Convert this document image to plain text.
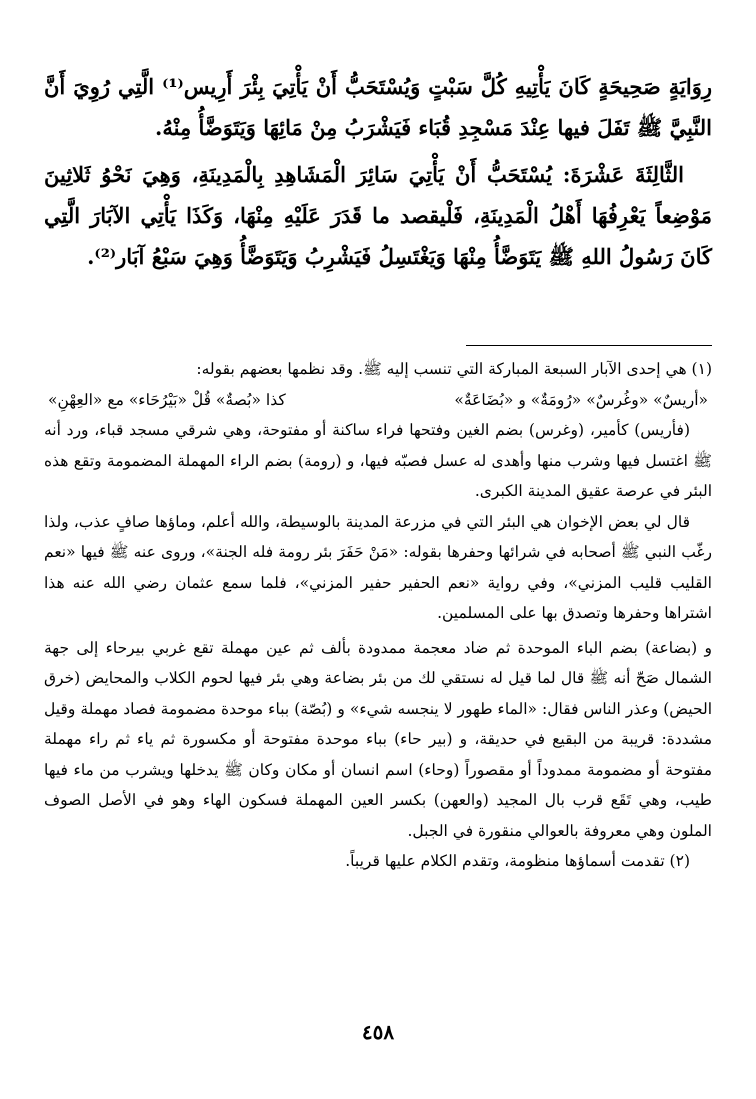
رِوَايَةٍ صَحِيحَةٍ كَانَ يَأْتِيهِ كُلَّ سَبْتٍ وَيُسْتَحَبُّ أَنْ يَأْتِيَ بِئْرَ أَرِيس⁽¹⁾ الَّتِي رُوِيَ أَنَّ النَّبِيَّ ﷺ تَفَلَ فيها عِنْدَ مَسْجِدِ قُبَاء فَيَشْرَبُ مِنْ مَائِهَا وَيَتَوَضَّأُ مِنْهُ.

الثَّالِثَةَ عَشْرَةَ: يُسْتَحَبُّ أَنْ يَأْتِيَ سَائِرَ الْمَشَاهِدِ بِالْمَدِينَةِ، وَهِيَ نَحْوُ ثَلاثِينَ مَوْضِعاً يَعْرِفُهَا أَهْلُ الْمَدِينَةِ، فَلْيقصد ما قَدَرَ عَلَيْهِ مِنْهَا، وَكَذَا يَأْتِي الآبَارَ الَّتِي كَانَ رَسُولُ اللهِ ﷺ يَتَوَضَّأُ مِنْهَا وَيَغْتَسِلُ فَيَشْرِبُ وَيَتَوَضَّأُ وَهِيَ سَبْعُ آبَار⁽²⁾.

(١) هي إحدى الآبار السبعة المباركة التي تنسب إليه ﷺ. وقد نظمها بعضهم بقوله:

«أريسٌ» «وغُرسٌ» «رُومَةٌ» و «بُضَاعَةٌ»
كذا «بُصةٌ» قُلْ «بَيْرُحَاء» مع «العِهْنِ»

(فأريس) كأمير، (وغرس) بضم الغين وفتحها فراء ساكنة أو مفتوحة، وهي شرقي مسجد قباء، ورد أنه ﷺ اغتسل فيها وشرب منها وأهدى له عسل فصبّه فيها، و (رومة) بضم الراء المهملة المضمومة وتقع هذه البئر في عرصة عقيق المدينة الكبرى.

قال لي بعض الإخوان هي البئر التي في مزرعة المدينة بالوسيطة، والله أعلم، وماؤها صافٍ عذب، ولذا رغّب النبي ﷺ أصحابه في شرائها وحفرها بقوله: «مَنْ حَفَرَ بئر رومة فله الجنة»، وروى عنه ﷺ فيها «نعم القليب قليب المزني»، وفي رواية «نعم الحفير حفير المزني»، فلما سمع عثمان رضي الله عنه هذا اشتراها وحفرها وتصدق بها على المسلمين.

و (بضاعة) بضم الباء الموحدة ثم ضاد معجمة ممدودة بألف ثم عين مهملة تقع غربي بيرحاء إلى جهة الشمال صَحّ أنه ﷺ قال لما قيل له نستقي لك من بئر بضاعة وهي بئر فيها لحوم الكلاب والمحايض (خرق الحيض) وعذر الناس فقال: «الماء طهور لا ينجسه شيء» و (بُصّة) بباء موحدة مضمومة فصاد مهملة وقيل مشددة: قريبة من البقيع في حديقة، و (بير حاء) بباء موحدة مفتوحة أو مكسورة ثم ياء ثم راء مهملة مفتوحة أو مضمومة ممدوداً أو مقصوراً (وحاء) اسم انسان أو مكان وكان ﷺ يدخلها ويشرب من ماء فيها طيب، وهي تَقَع قرب بال المجيد (والعهن) بكسر العين المهملة فسكون الهاء وهو في الأصل الصوف الملون وهي معروفة بالعوالي منقورة في الجبل.

(٢) تقدمت أسماؤها منظومة، وتقدم الكلام عليها قريباً.

٤٥٨
